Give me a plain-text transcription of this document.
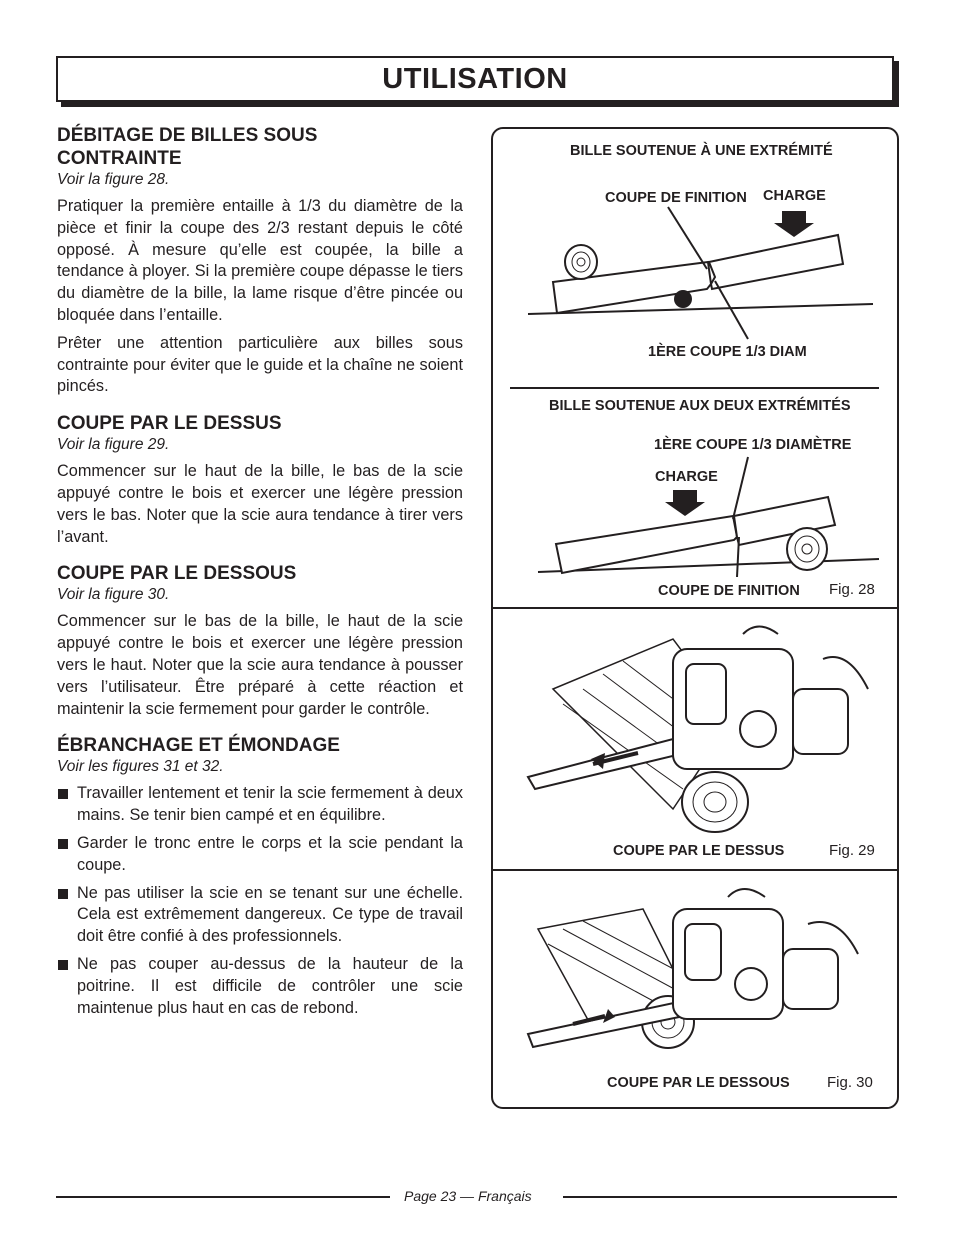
UTILISATION
DÉBITAGE DE BILLES SOUS
CONTRAINTE
Voir la figure 28.

Pratiquer la première entaille à 1/3 du diamètre de la pièce et finir la coupe des 2/3 restant depuis le côté opposé. À mesure qu’elle est coupée, la bille a tendance à ployer. Si la première coupe dépasse le tiers du diamètre de la bille, la lame risque d’être pincée ou bloquée dans l’entaille.

Prêter une attention particulière aux billes sous contrainte pour éviter que le guide et la chaîne ne soient pincés.

COUPE PAR LE DESSUS
Voir la figure 29.

Commencer sur le haut de la bille, le bas de la scie appuyé contre le bois et exercer une légère pression vers le bas. Noter que la scie aura tendance à tirer vers l’avant.

COUPE PAR LE DESSOUS
Voir la figure 30.

Commencer sur le bas de la bille, le haut de la scie appuyé contre le bois et exercer une légère pression vers le haut. Noter que la scie aura tendance à pousser vers l’utilisateur. Être préparé à cette réaction et maintenir la scie fermement pour garder le contrôle.

ÉBRANCHAGE ET ÉMONDAGE
Voir les figures 31 et 32.
Travailler lentement et tenir la scie fermement à deux mains. Se tenir bien campé et en équilibre.
Garder le tronc entre le corps et la scie pendant la coupe.
Ne pas utiliser la scie en se tenant sur une échelle. Cela est extrêmement dangereux. Ce type de travail doit être confié à des professionnels.
Ne pas couper au-dessus de la hauteur de la poitrine. Il est difficile de contrôler une scie maintenue plus haut en cas de rebond.
BILLE SOUTENUE À UNE EXTRÉMITÉ
COUPE DE FINITION CHARGE
1ÈRE COUPE 1/3 DIAM
BILLE SOUTENUE AUX DEUX EXTRÉMITÉS
1ÈRE COUPE 1/3 DIAMÈTRE
CHARGE
COUPE DE FINITION Fig. 28
COUPE PAR LE DESSUS	Fig. 29
COUPE PAR LE DESSOUS Fig. 30
Page 23 — Français
